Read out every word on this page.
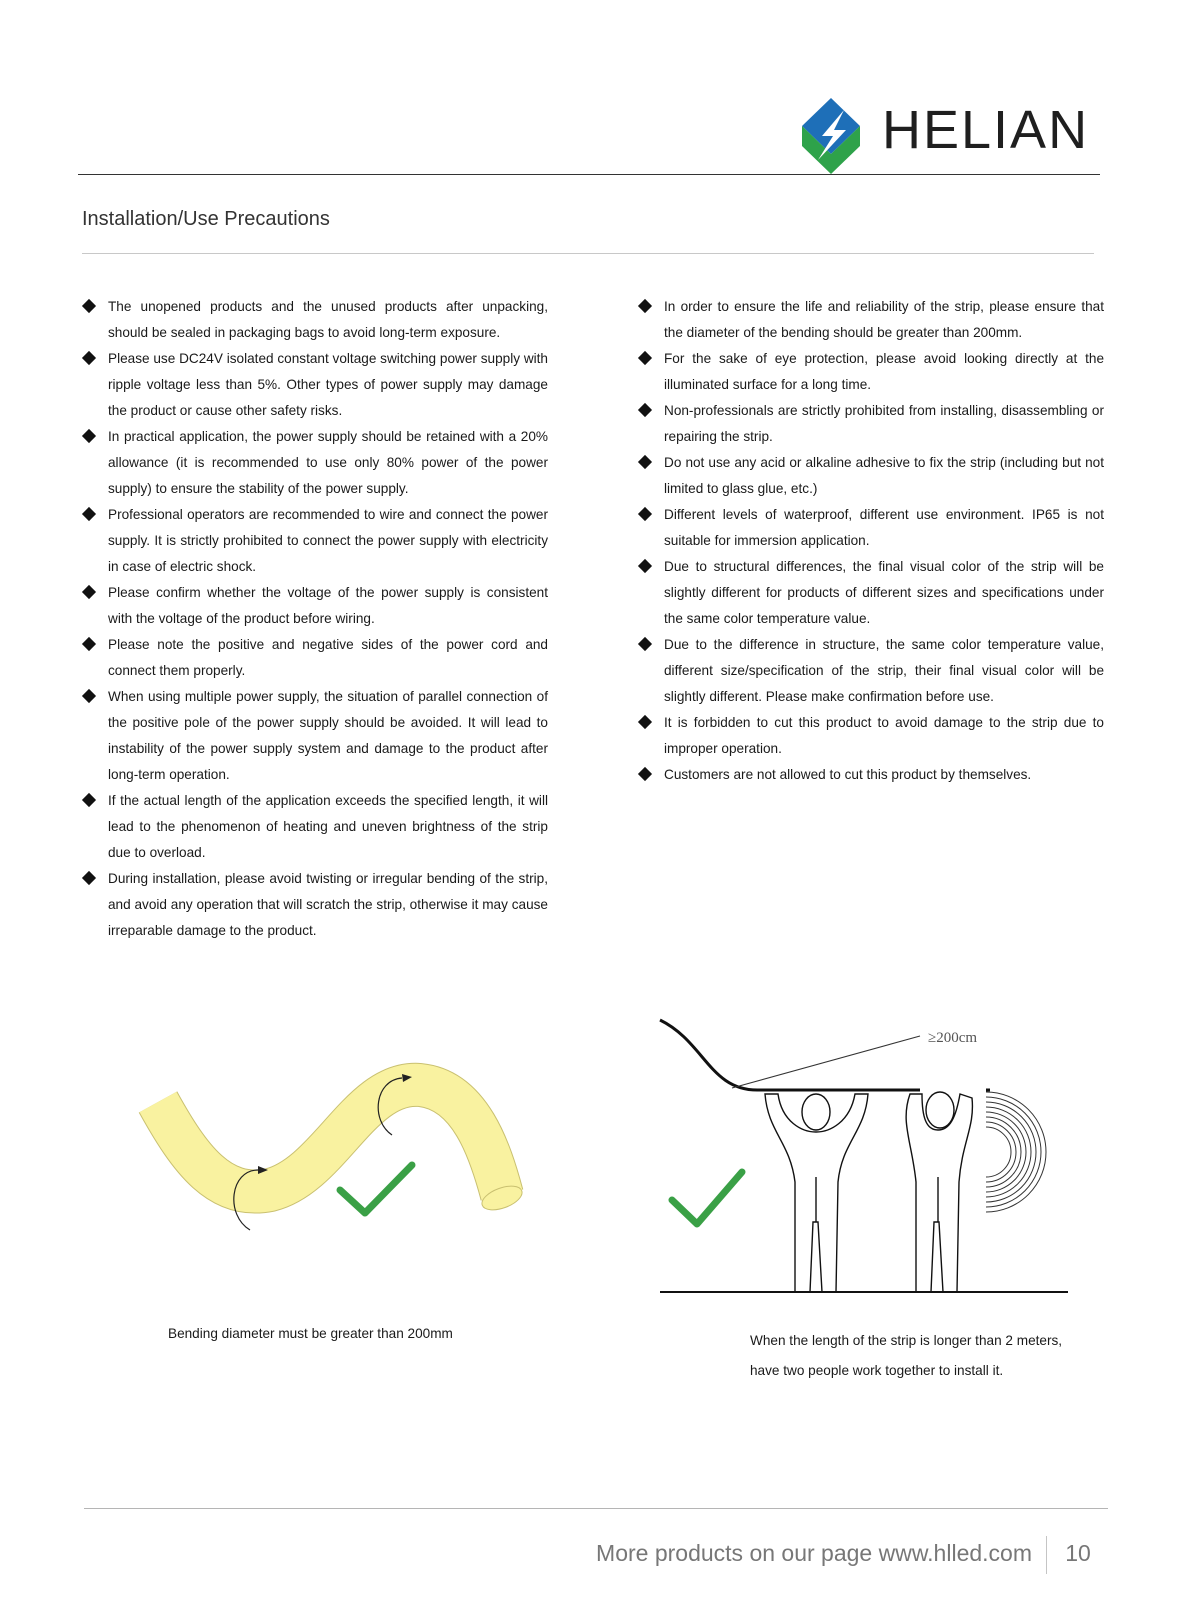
HELIAN
Installation/Use Precautions
The unopened products and the unused products after unpacking, should be sealed in packaging bags to avoid long-term exposure.
Please use DC24V isolated constant voltage switching power supply with ripple voltage less than 5%. Other types of power supply may damage the product or cause other safety risks.
In practical application, the power supply should be retained with a 20% allowance (it is recommended to use only 80% power of the power supply) to ensure the stability of the power supply.
Professional operators are recommended to wire and connect the power supply. It is strictly prohibited to connect the power supply with electricity in case of electric shock.
Please confirm whether the voltage of the power supply is consistent with the voltage of the product before wiring.
Please note the positive and negative sides of the power cord and connect them properly.
When using multiple power supply, the situation of parallel connection of the positive pole of the power supply should be avoided. It will lead to instability of the power supply system and damage to the product after long-term operation.
If the actual length of the application exceeds the specified length, it will lead to the phenomenon of heating and uneven brightness of the strip due to overload.
During installation, please avoid twisting or irregular bending of the strip, and avoid any operation that will scratch the strip, otherwise it may cause irreparable damage to the product.
In order to ensure the life and reliability of the strip, please ensure that the diameter of the bending should be greater than 200mm.
For the sake of eye protection, please avoid looking directly at the illuminated surface for a long time.
Non-professionals are strictly prohibited from installing, disassembling or repairing the strip.
Do not use any acid or alkaline adhesive to fix the strip (including but not limited to glass glue, etc.)
Different levels of waterproof, different use environment. IP65 is not suitable for immersion application.
Due to structural differences, the final visual color of the strip will be slightly different for products of different sizes and specifications under the same color temperature value.
Due to the difference in structure, the same color temperature value, different size/specification of the strip, their final visual color will be slightly different. Please make confirmation before use.
It is forbidden to cut this product to avoid damage to the strip due to improper operation.
Customers are not allowed to cut this product by themselves.
≥200cm
Bending diameter must be greater than 200mm	When the length of the strip is longer than 2 meters,
have two people work together to install it.
More products on our page www.hlled.com	10
